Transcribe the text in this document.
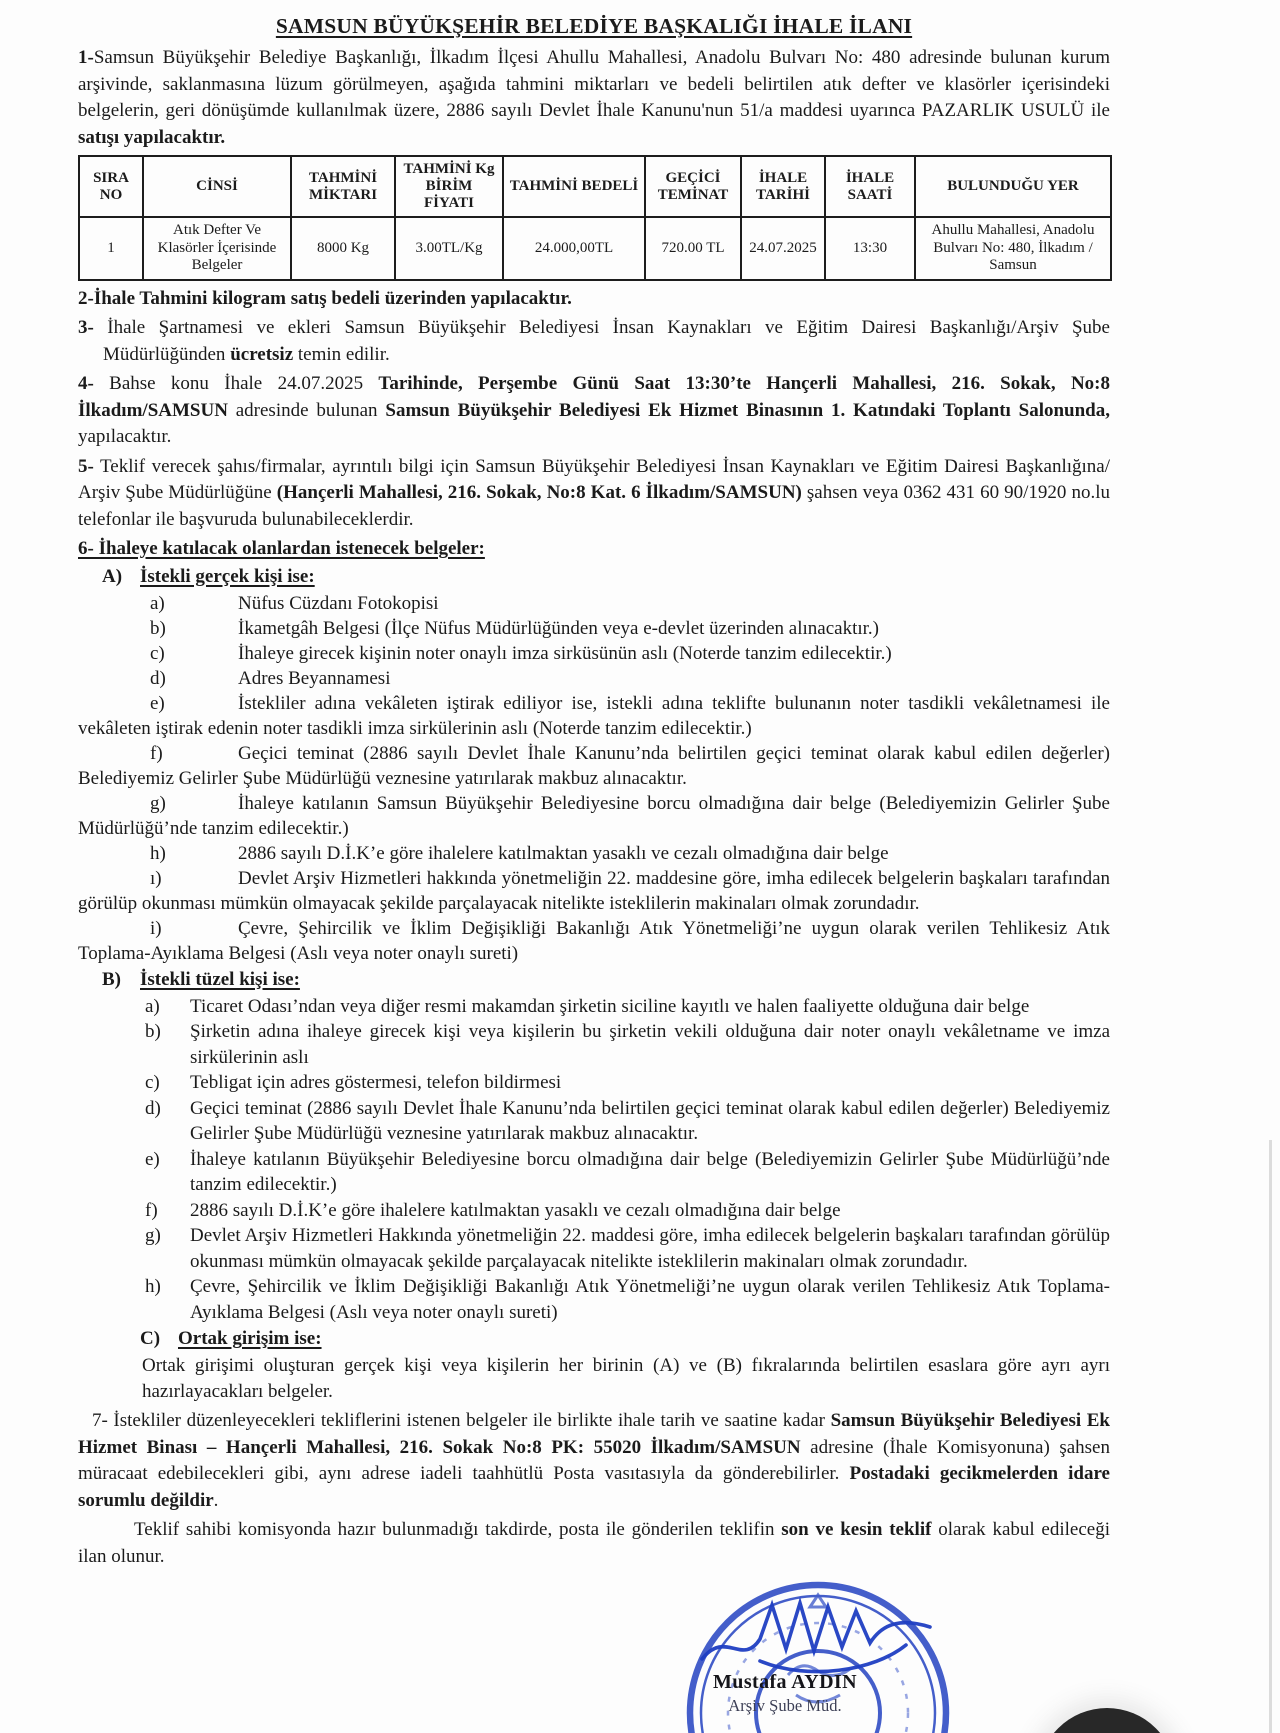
SAMSUN BÜYÜKŞEHİR BELEDİYE BAŞKALIĞI İHALE İLANI

1-Samsun Büyükşehir Belediye Başkanlığı, İlkadım İlçesi Ahullu Mahallesi, Anadolu Bulvarı No: 480 adresinde bulunan kurum arşivinde, saklanmasına lüzum görülmeyen, aşağıda tahmini miktarları ve bedeli belirtilen atık defter ve klasörler içerisindeki belgelerin, geri dönüşümde kullanılmak üzere, 2886 sayılı Devlet İhale Kanunu'nun 51/a maddesi uyarınca PAZARLIK USULÜ ile satışı yapılacaktır.

SIRA NO	CİNSİ	TAHMİNİ MİKTARI	TAHMİNİ Kg BİRİM FİYATI	TAHMİNİ BEDELİ	GEÇİCİ TEMİNAT	İHALE TARİHİ	İHALE SAATİ	BULUNDUĞU YER
1	Atık Defter Ve Klasörler İçerisinde Belgeler	8000 Kg	3.00TL/Kg	24.000,00TL	720.00 TL	24.07.2025	13:30	Ahullu Mahallesi, Anadolu Bulvarı No: 480, İlkadım / Samsun

2-İhale Tahmini kilogram satış bedeli üzerinden yapılacaktır.

3- İhale Şartnamesi ve ekleri Samsun Büyükşehir Belediyesi İnsan Kaynakları ve Eğitim Dairesi Başkanlığı/Arşiv Şube Müdürlüğünden ücretsiz temin edilir.

4- Bahse konu İhale 24.07.2025 Tarihinde, Perşembe Günü Saat 13:30’te Hançerli Mahallesi, 216. Sokak, No:8 İlkadım/SAMSUN adresinde bulunan Samsun Büyükşehir Belediyesi Ek Hizmet Binasının 1. Katındaki Toplantı Salonunda, yapılacaktır.

5- Teklif verecek şahıs/firmalar, ayrıntılı bilgi için Samsun Büyükşehir Belediyesi İnsan Kaynakları ve Eğitim Dairesi Başkanlığına/ Arşiv Şube Müdürlüğüne (Hançerli Mahallesi, 216. Sokak, No:8 Kat. 6 İlkadım/SAMSUN) şahsen veya 0362 431 60 90/1920 no.lu telefonlar ile başvuruda bulunabileceklerdir.

6- İhaleye katılacak olanlardan istenecek belgeler:

A) İstekli gerçek kişi ise:

a)	Nüfus Cüzdanı Fotokopisi

b)	İkametgâh Belgesi (İlçe Nüfus Müdürlüğünden veya e-devlet üzerinden alınacaktır.)

c)	İhaleye girecek kişinin noter onaylı imza sirküsünün aslı (Noterde tanzim edilecektir.)

d)	Adres Beyannamesi

e)	İstekliler adına vekâleten iştirak ediliyor ise, istekli adına teklifte bulunanın noter tasdikli vekâletnamesi ile vekâleten iştirak edenin noter tasdikli imza sirkülerinin aslı (Noterde tanzim edilecektir.)

f)	Geçici teminat (2886 sayılı Devlet İhale Kanunu’nda belirtilen geçici teminat olarak kabul edilen değerler) Belediyemiz Gelirler Şube Müdürlüğü veznesine yatırılarak makbuz alınacaktır.

g)	İhaleye katılanın Samsun Büyükşehir Belediyesine borcu olmadığına dair belge (Belediyemizin Gelirler Şube Müdürlüğü’nde tanzim edilecektir.)

h)	2886 sayılı D.İ.K’e göre ihalelere katılmaktan yasaklı ve cezalı olmadığına dair belge

ı)	Devlet Arşiv Hizmetleri hakkında yönetmeliğin 22. maddesine göre, imha edilecek belgelerin başkaları tarafından görülüp okunması mümkün olmayacak şekilde parçalayacak nitelikte isteklilerin makinaları olmak zorundadır.

i)	Çevre, Şehircilik ve İklim Değişikliği Bakanlığı Atık Yönetmeliği’ne uygun olarak verilen Tehlikesiz Atık Toplama-Ayıklama Belgesi (Aslı veya noter onaylı sureti)

B) İstekli tüzel kişi ise:

a) Ticaret Odası’ndan veya diğer resmi makamdan şirketin siciline kayıtlı ve halen faaliyette olduğuna dair belge

b) Şirketin adına ihaleye girecek kişi veya kişilerin bu şirketin vekili olduğuna dair noter onaylı vekâletname ve imza sirkülerinin aslı

c) Tebligat için adres göstermesi, telefon bildirmesi

d) Geçici teminat (2886 sayılı Devlet İhale Kanunu’nda belirtilen geçici teminat olarak kabul edilen değerler) Belediyemiz Gelirler Şube Müdürlüğü veznesine yatırılarak makbuz alınacaktır.

e) İhaleye katılanın Büyükşehir Belediyesine borcu olmadığına dair belge (Belediyemizin Gelirler Şube Müdürlüğü’nde tanzim edilecektir.)

f) 2886 sayılı D.İ.K’e göre ihalelere katılmaktan yasaklı ve cezalı olmadığına dair belge

g) Devlet Arşiv Hizmetleri Hakkında yönetmeliğin 22. maddesi göre, imha edilecek belgelerin başkaları tarafından görülüp okunması mümkün olmayacak şekilde parçalayacak nitelikte isteklilerin makinaları olmak zorundadır.

h) Çevre, Şehircilik ve İklim Değişikliği Bakanlığı Atık Yönetmeliği’ne uygun olarak verilen Tehlikesiz Atık Toplama-Ayıklama Belgesi (Aslı veya noter onaylı sureti)

C) Ortak girişim ise:

Ortak girişimi oluşturan gerçek kişi veya kişilerin her birinin (A) ve (B) fıkralarında belirtilen esaslara göre ayrı ayrı hazırlayacakları belgeler.

7- İstekliler düzenleyecekleri tekliflerini istenen belgeler ile birlikte ihale tarih ve saatine kadar Samsun Büyükşehir Belediyesi Ek Hizmet Binası – Hançerli Mahallesi, 216. Sokak No:8 PK: 55020 İlkadım/SAMSUN adresine (İhale Komisyonuna) şahsen müracaat edebilecekleri gibi, aynı adrese iadeli taahhütlü Posta vasıtasıyla da gönderebilirler. Postadaki gecikmelerden idare sorumlu değildir.

Teklif sahibi komisyonda hazır bulunmadığı takdirde, posta ile gönderilen teklifin son ve kesin teklif olarak kabul edileceği ilan olunur.

Mustafa AYDIN
Arşiv Şube Müd.
